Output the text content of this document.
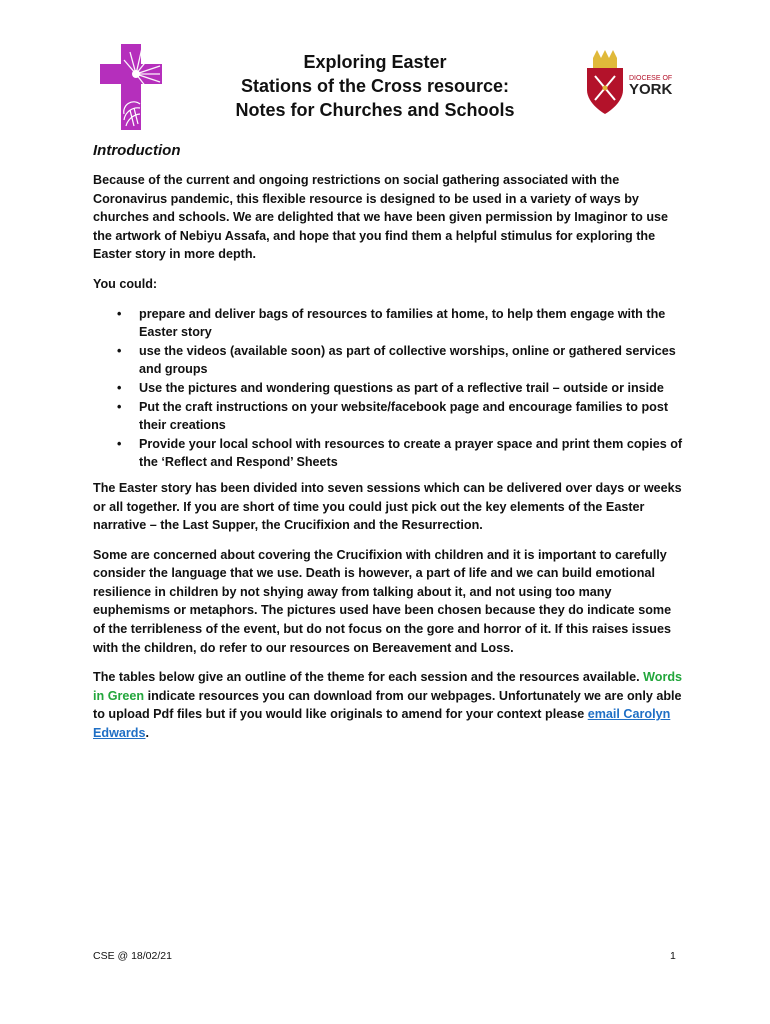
DIOCESE OF
YORK
Exploring Easter
Stations of the Cross resource:
Notes for Churches and Schools
Introduction

Because of the current and ongoing restrictions on social gathering associated with the Coronavirus pandemic, this flexible resource is designed to be used in a variety of ways by churches and schools. We are delighted that we have been given permission by Imaginor to use the artwork of Nebiyu Assafa, and hope that you find them a helpful stimulus for exploring the Easter story in more depth.

You could:

• prepare and deliver bags of resources to families at home, to help them engage with the Easter story
• use the videos (available soon) as part of collective worships, online or gathered services and groups
• Use the pictures and wondering questions as part of a reflective trail – outside or inside
• Put the craft instructions on your website/facebook page and encourage families to post their creations
• Provide your local school with resources to create a prayer space and print them copies of the ‘Reflect and Respond’ Sheets

The Easter story has been divided into seven sessions which can be delivered over days or weeks or all together. If you are short of time you could just pick out the key elements of the Easter narrative – the Last Supper, the Crucifixion and the Resurrection.

Some are concerned about covering the Crucifixion with children and it is important to carefully consider the language that we use. Death is however, a part of life and we can build emotional resilience in children by not shying away from talking about it, and not using too many euphemisms or metaphors. The pictures used have been chosen because they do indicate some of the terribleness of the event, but do not focus on the gore and horror of it. If this raises issues with the children, do refer to our resources on Bereavement and Loss.

The tables below give an outline of the theme for each session and the resources available. Words in Green indicate resources you can download from our webpages. Unfortunately we are only able to upload Pdf files but if you would like originals to amend for your context please email Carolyn Edwards.

CSE @ 18/02/21	1
